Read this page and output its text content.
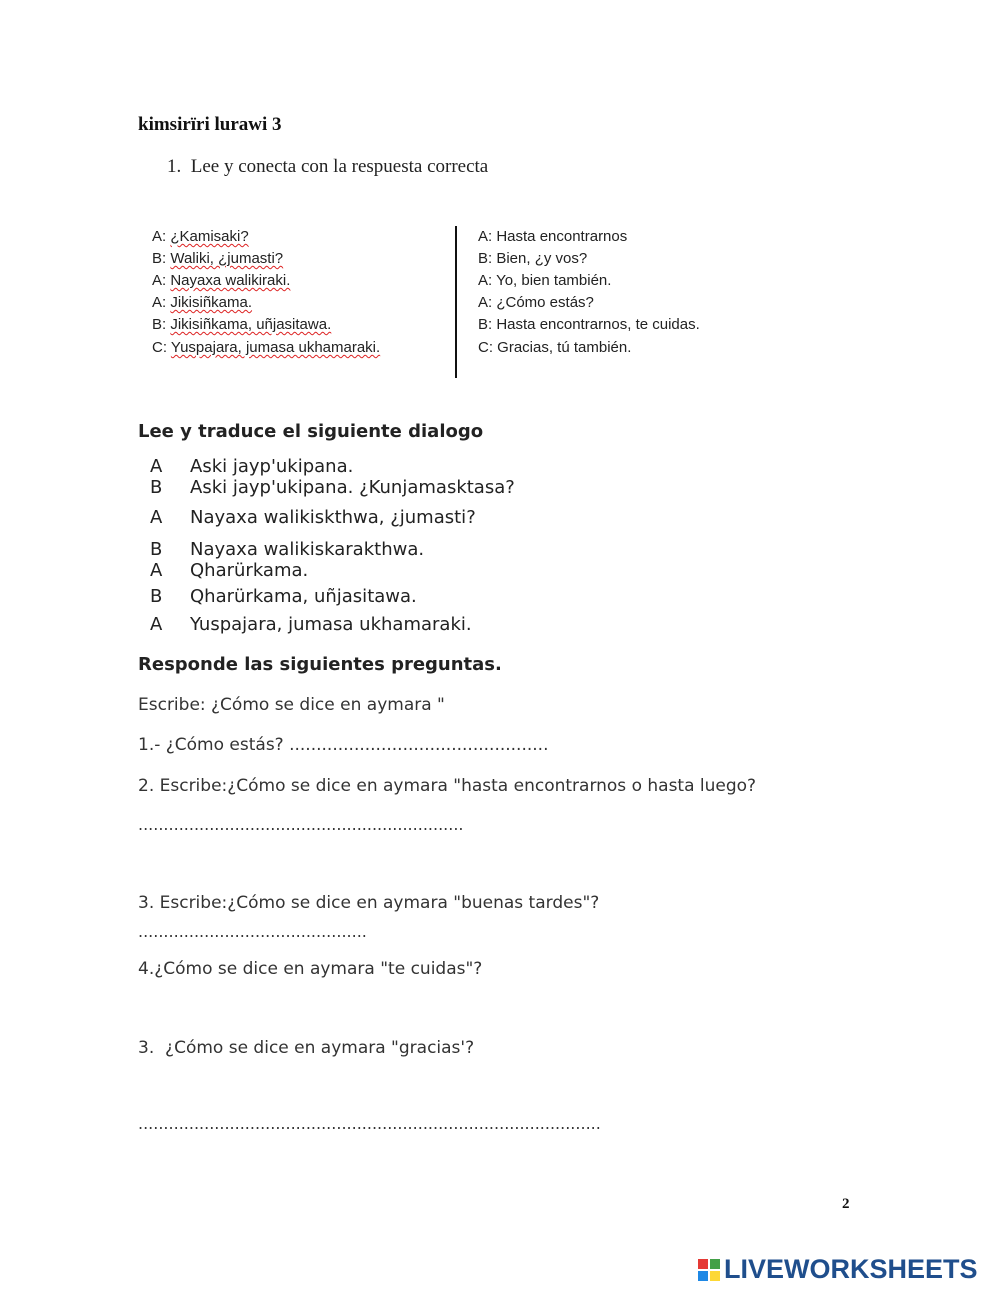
kimsirïri lurawi 3
1. Lee y conecta con la respuesta correcta
A: ¿Kamisaki?
B: Waliki, ¿jumasti?
A: Nayaxa walikiraki.
A: Jikisiñkama.
B: Jikisiñkama, uñjasitawa.
C: Yuspajara, jumasa ukhamaraki.
A: Hasta encontrarnos
B: Bien, ¿y vos?
A: Yo, bien también.
A: ¿Cómo estás?
B: Hasta encontrarnos, te cuidas.
C: Gracias, tú también.
Lee y traduce el siguiente dialogo
A Aski jayp'ukipana.
B Aski jayp'ukipana. ¿Kunjamasktasa?
A Nayaxa walikiskthwa, ¿jumasti?
B Nayaxa walikiskarakthwa.
A Qharürkama.
B Qharürkama, uñjasitawa.
A Yuspajara, jumasa ukhamaraki.
Responde las siguientes preguntas.
Escribe: ¿Cómo se dice en aymara "
1.- ¿Cómo estás? ................................................
2. Escribe:¿Cómo se dice en aymara "hasta encontrarnos o hasta luego?
................................................................
3. Escribe:¿Cómo se dice en aymara "buenas tardes"?
.............................................
4.¿Cómo se dice en aymara "te cuidas"?
3. ¿Cómo se dice en aymara "gracias'?
...........................................................................................
2
LIVEWORKSHEETS
